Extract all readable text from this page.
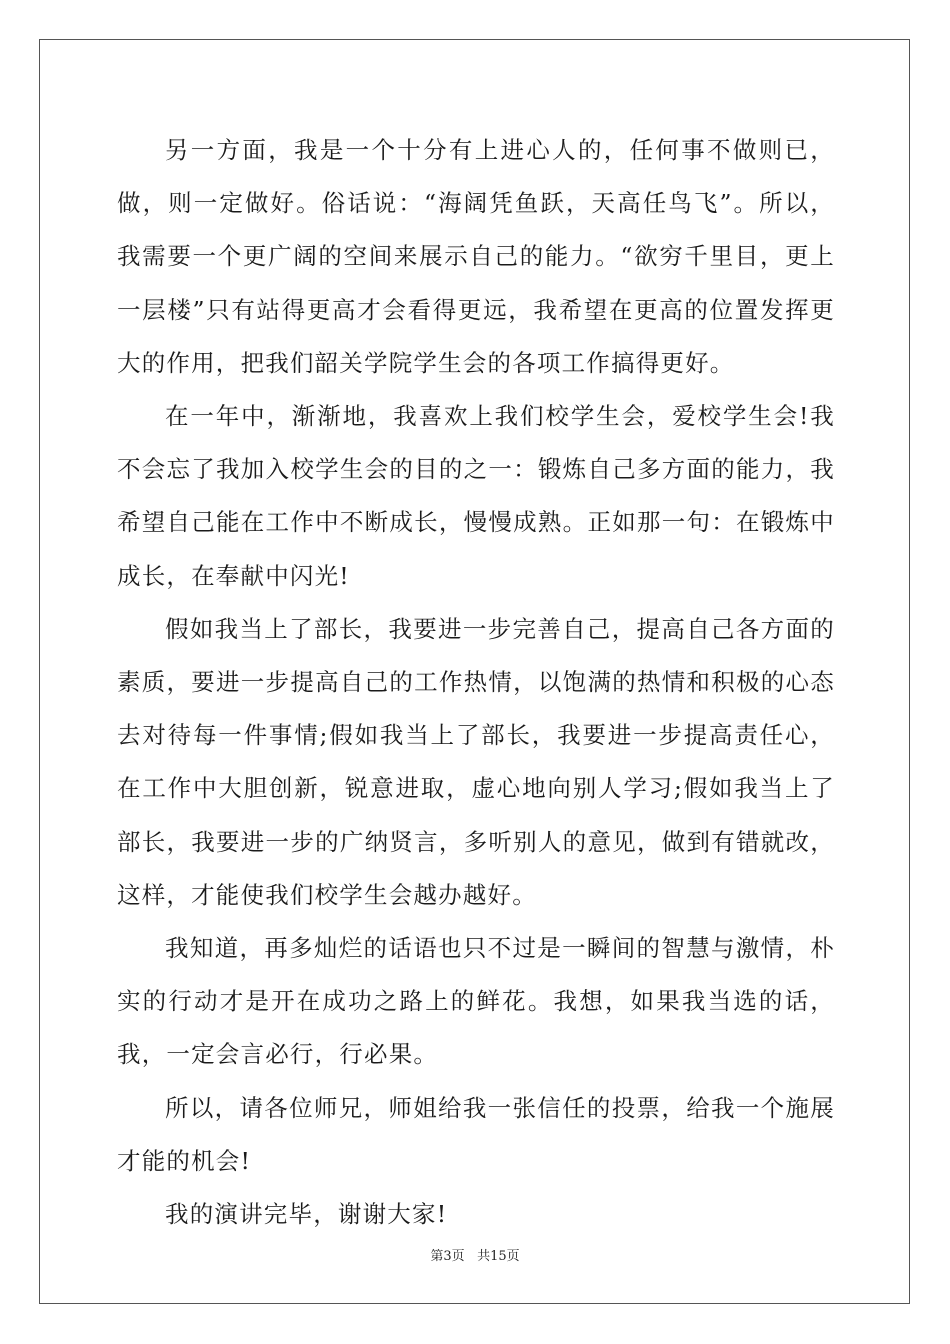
另一方面，我是一个十分有上进心人的，任何事不做则已，做，则一定做好。俗话说：“海阔凭鱼跃，天高任鸟飞”。所以，我需要一个更广阔的空间来展示自己的能力。“欲穷千里目，更上一层楼”只有站得更高才会看得更远，我希望在更高的位置发挥更大的作用，把我们韶关学院学生会的各项工作搞得更好。

在一年中，渐渐地，我喜欢上我们校学生会，爱校学生会!我不会忘了我加入校学生会的目的之一：锻炼自己多方面的能力，我希望自己能在工作中不断成长，慢慢成熟。正如那一句：在锻炼中成长，在奉献中闪光!

假如我当上了部长，我要进一步完善自己，提高自己各方面的素质，要进一步提高自己的工作热情，以饱满的热情和积极的心态去对待每一件事情;假如我当上了部长，我要进一步提高责任心，在工作中大胆创新，锐意进取，虚心地向别人学习;假如我当上了部长，我要进一步的广纳贤言，多听别人的意见，做到有错就改，这样，才能使我们校学生会越办越好。

我知道，再多灿烂的话语也只不过是一瞬间的智慧与激情，朴实的行动才是开在成功之路上的鲜花。我想，如果我当选的话，我，一定会言必行，行必果。

所以，请各位师兄，师姐给我一张信任的投票，给我一个施展才能的机会!

我的演讲完毕，谢谢大家!

第3页 共15页
